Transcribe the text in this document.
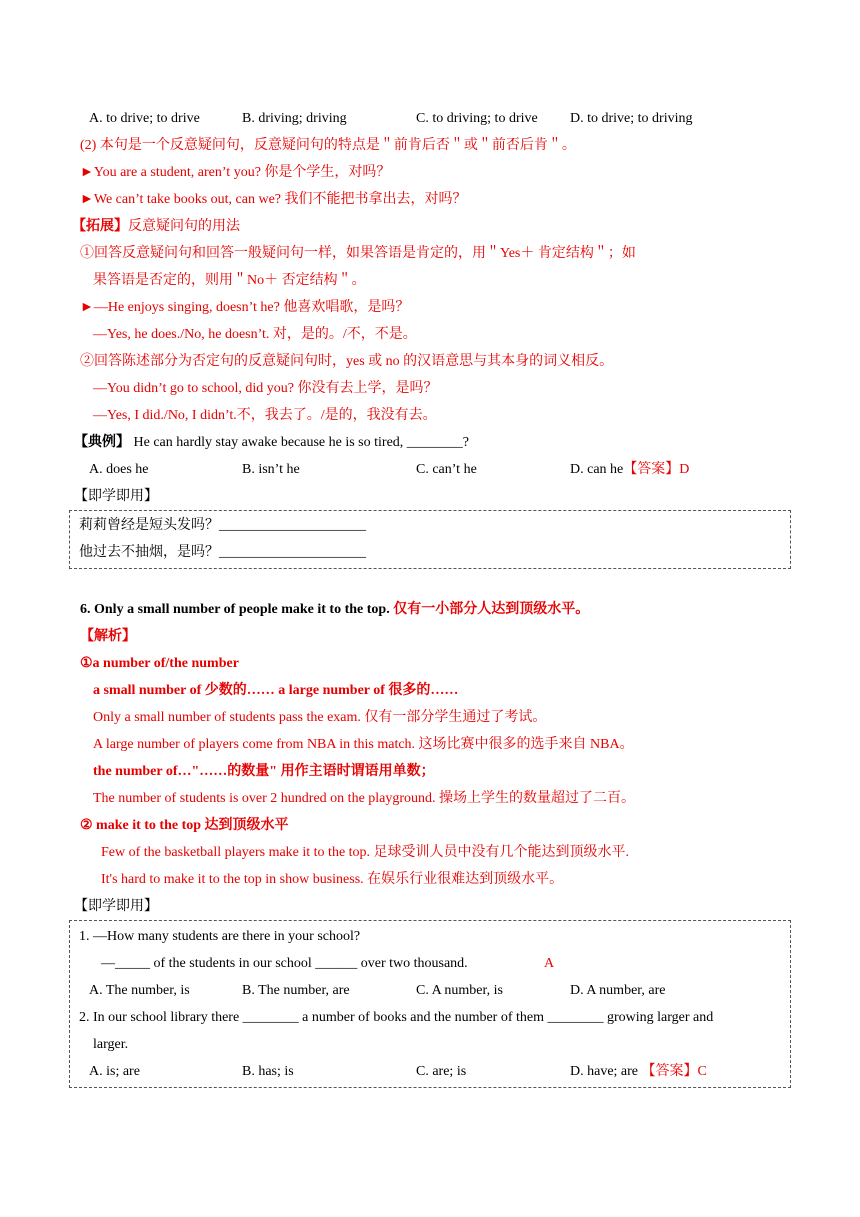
A. to drive; to drive	B. driving; driving	C. to driving; to drive D. to drive; to driving
(2) 本句是一个反意疑问句，反意疑问句的特点是＂前肯后否＂或＂前否后肯＂。
►You are a student, aren’t you? 你是个学生，对吗？
►We can’t take books out, can we? 我们不能把书拿出去，对吗？
【拓展】反意疑问句的用法
①回答反意疑问句和回答一般疑问句一样，如果答语是肯定的，用＂Yes＋ 肯定结构＂；如
果答语是否定的，则用＂No＋ 否定结构＂。
►—He enjoys singing, doesn’t he? 他喜欢唱歌，是吗？
—Yes, he does./No, he doesn’t. 对，是的。/不，不是。
②回答陈述部分为否定句的反意疑问句时，yes 或 no 的汉语意思与其本身的词义相反。
—You didn’t go to school, did you? 你没有去上学，是吗？
—Yes, I did./No, I didn’t.不，我去了。/是的，我没有去。
【典例】 He can hardly stay awake because he is so tired, ________?
A. does he	B. isn’t he	C. can’t he	D. can he【答案】D
【即学即用】
莉莉曾经是短头发吗？_____________________
他过去不抽烟，是吗？_____________________
6. Only a small number of people make it to the top. 仅有一小部分人达到顶级水平。
【解析】
①a number of/the number
a small number of 少数的…… a large number of 很多的……
Only a small number of students pass the exam. 仅有一部分学生通过了考试。
A large number of players come from NBA in this match. 这场比赛中很多的选手来自 NBA。
the number of…"……的数量" 用作主语时谓语用单数；
The number of students is over 2 hundred on the playground. 操场上学生的数量超过了二百。
② make it to the top 达到顶级水平
Few of the basketball players make it to the top. 足球受训人员中没有几个能达到顶级水平.
It's hard to make it to the top in show business. 在娱乐行业很难达到顶级水平。
【即学即用】
1. —How many students are there in your school?
—_____ of the students in our school ______ over two thousand.	A
A. The number, is	B. The number, are	C. A number, is	D. A number, are
2. In our school library there ________ a number of books and the number of them ________ growing larger and
larger.
A. is; are	B. has; is	C. are; is	D. have; are 【答案】C
